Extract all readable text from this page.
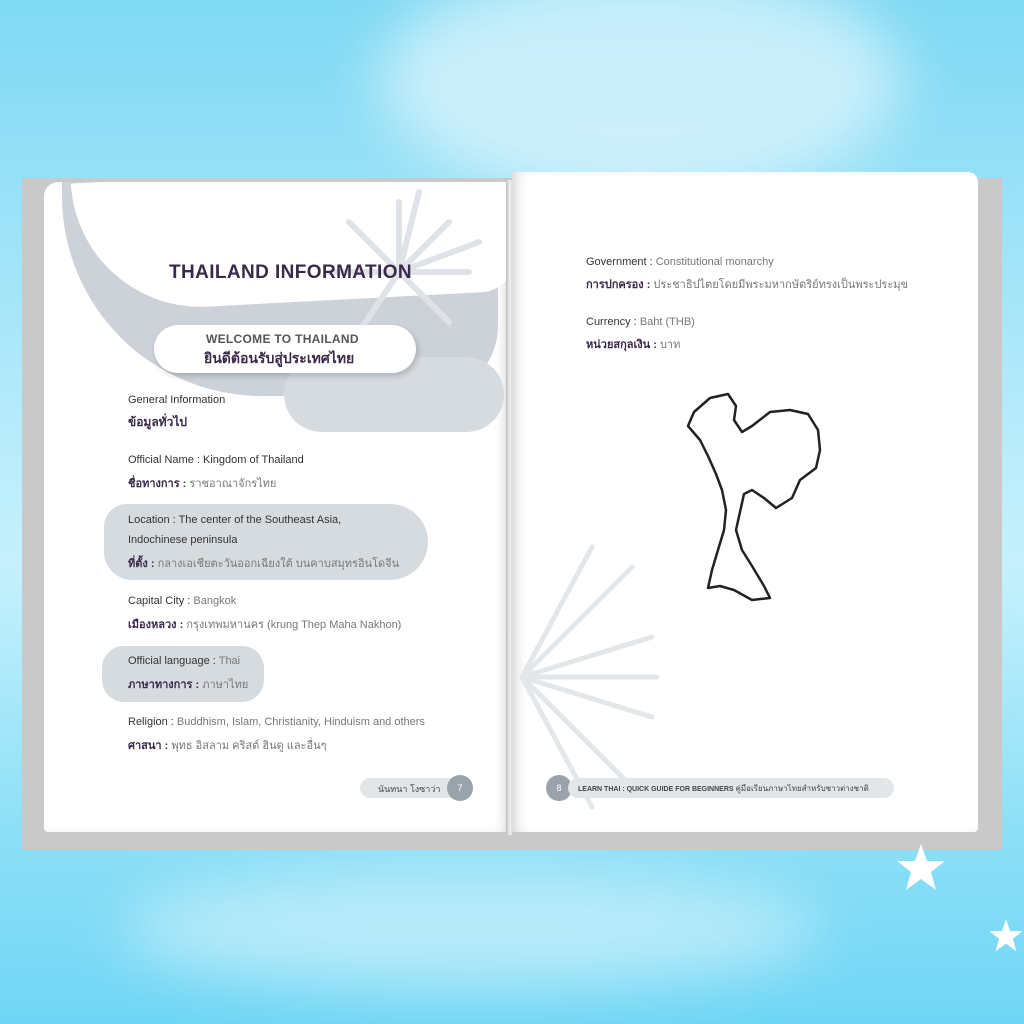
THAILAND INFORMATION
WELCOME TO THAILAND
ยินดีต้อนรับสู่ประเทศไทย
General Information
ข้อมูลทั่วไป
Official Name : Kingdom of Thailand
ชื่อทางการ : ราชอาณาจักรไทย
Location : The center of the Southeast Asia,
Indochinese peninsula
ที่ตั้ง : กลางเอเชียตะวันออกเฉียงใต้ บนคาบสมุทรอินโดจีน
Capital City : Bangkok
เมืองหลวง : กรุงเทพมหานคร (krung Thep Maha Nakhon)
Official language : Thai
ภาษาทางการ : ภาษาไทย
Religion : Buddhism, Islam, Christianity, Hinduism and others
ศาสนา : พุทธ อิสลาม คริสต์ ฮินดู และอื่นๆ
นันทนา โงซาว่า	7
Government : Constitutional monarchy
การปกครอง : ประชาธิปไตยโดยมีพระมหากษัตริย์ทรงเป็นพระประมุข
Currency : Baht (THB)
หน่วยสกุลเงิน : บาท
8	LEARN THAI : QUICK GUIDE FOR BEGINNERS คู่มือเรียนภาษาไทยสำหรับชาวต่างชาติ
